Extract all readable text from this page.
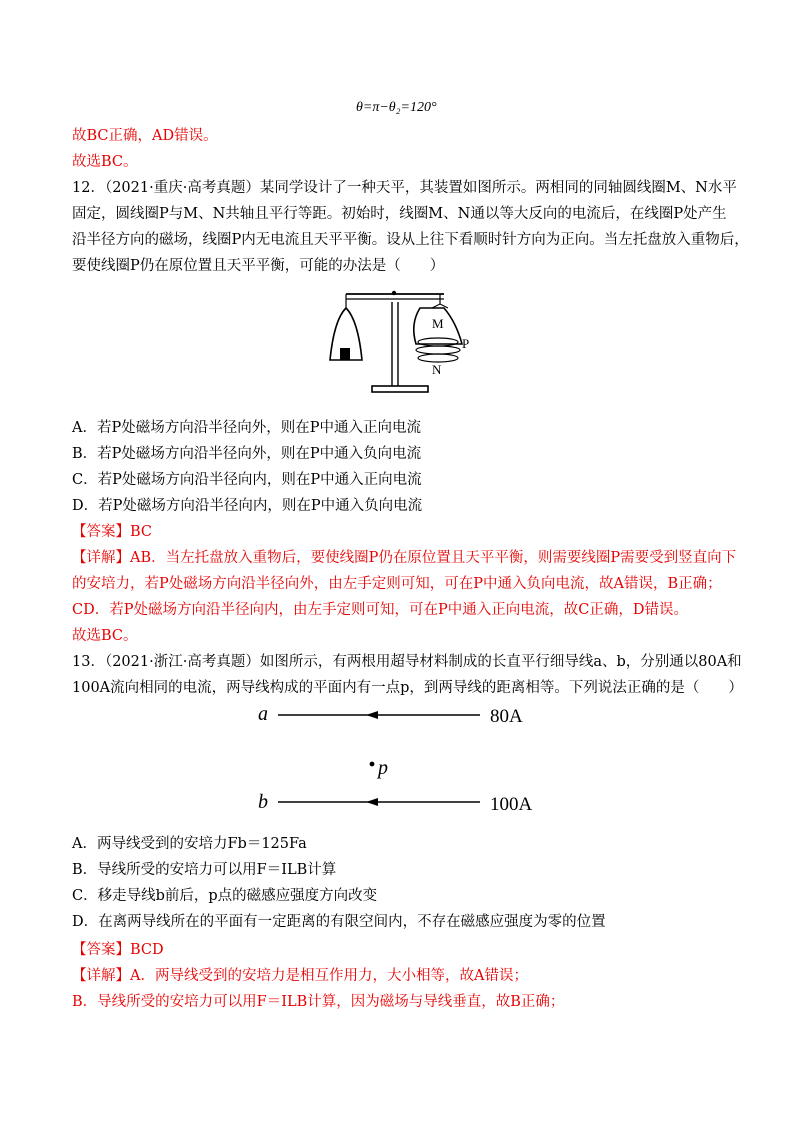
θ=π−θ₂=120°
故BC正确，AD错误。
故选BC。
12．（2021·重庆·高考真题）某同学设计了一种天平，其装置如图所示。两相同的同轴圆线圈M、N水平
固定，圆线圈P与M、N共轴且平行等距。初始时，线圈M、N通以等大反向的电流后，在线圈P处产生
沿半径方向的磁场，线圈P内无电流且天平平衡。设从上往下看顺时针方向为正向。当左托盘放入重物后，
要使线圈P仍在原位置且天平平衡，可能的办法是（　　）
M
P
N
A．若P处磁场方向沿半径向外，则在P中通入正向电流
B．若P处磁场方向沿半径向外，则在P中通入负向电流
C．若P处磁场方向沿半径向内，则在P中通入正向电流
D．若P处磁场方向沿半径向内，则在P中通入负向电流
【答案】BC
【详解】AB．当左托盘放入重物后，要使线圈P仍在原位置且天平平衡，则需要线圈P需要受到竖直向下
的安培力，若P处磁场方向沿半径向外，由左手定则可知，可在P中通入负向电流，故A错误，B正确；
CD．若P处磁场方向沿半径向内，由左手定则可知，可在P中通入正向电流，故C正确，D错误。
故选BC。
13．（2021·浙江·高考真题）如图所示，有两根用超导材料制成的长直平行细导线a、b，分别通以80A和
100A流向相同的电流，两导线构成的平面内有一点p，到两导线的距离相等。下列说法正确的是（　　）
a	80A
p
b	100A
A．两导线受到的安培力Fb＝125Fa
B．导线所受的安培力可以用F＝ILB计算
C．移走导线b前后，p点的磁感应强度方向改变
D．在离两导线所在的平面有一定距离的有限空间内，不存在磁感应强度为零的位置
【答案】BCD
【详解】A．两导线受到的安培力是相互作用力，大小相等，故A错误；
B．导线所受的安培力可以用F＝ILB计算，因为磁场与导线垂直，故B正确；
